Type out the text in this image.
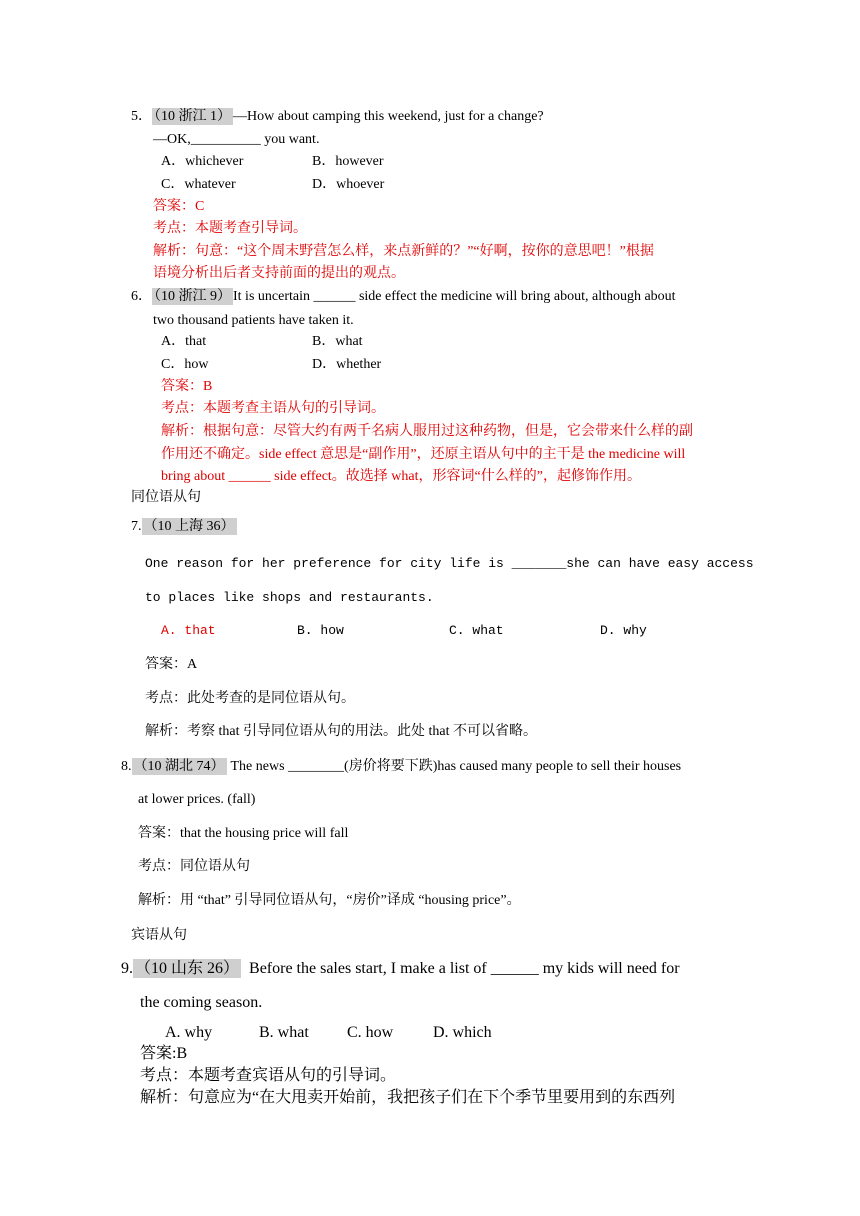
5． （10 浙江 1） —How about camping this weekend, just for a change?
—OK,__________ you want.
A．whichever	B．however
C．whatever	D．whoever
答案：C
考点：本题考查引导词。
解析：句意：“这个周末野营怎么样，来点新鲜的？”“好啊，按你的意思吧！”根据
语境分析出后者支持前面的提出的观点。
6． （10 浙江 9） It is uncertain ______ side effect the medicine will bring about, although about
two thousand patients have taken it.
A．that	B．what
C．how	D．whether
答案：B
考点：本题考查主语从句的引导词。
解析：根据句意：尽管大约有两千名病人服用过这种药物，但是，它会带来什么样的副
作用还不确定。side effect 意思是“副作用”，还原主语从句中的主干是 the medicine will
bring about ______ side effect。故选择 what，形容词“什么样的”，起修饰作用。
同位语从句
7. （10 上海 36）
One reason for her preference for city life is _______she can have easy access
to places like shops and restaurants.
A. that	B. how	C. what	D. why
答案：A
考点：此处考查的是同位语从句。
解析：考察 that 引导同位语从句的用法。此处 that 不可以省略。
8. （10 湖北 74） The news ________(房价将要下跌)has caused many people to sell their houses
at lower prices. (fall)
答案：that the housing price will fall
考点：同位语从句
解析：用 “that” 引导同位语从句，“房价”译成 “housing price”。
宾语从句
9. （10 山东 26） Before the sales start, I make a list of ______ my kids will need for
the coming season.
A. why	B. what C. how D. which
答案:B
考点：本题考查宾语从句的引导词。
解析：句意应为“在大甩卖开始前，我把孩子们在下个季节里要用到的东西列
